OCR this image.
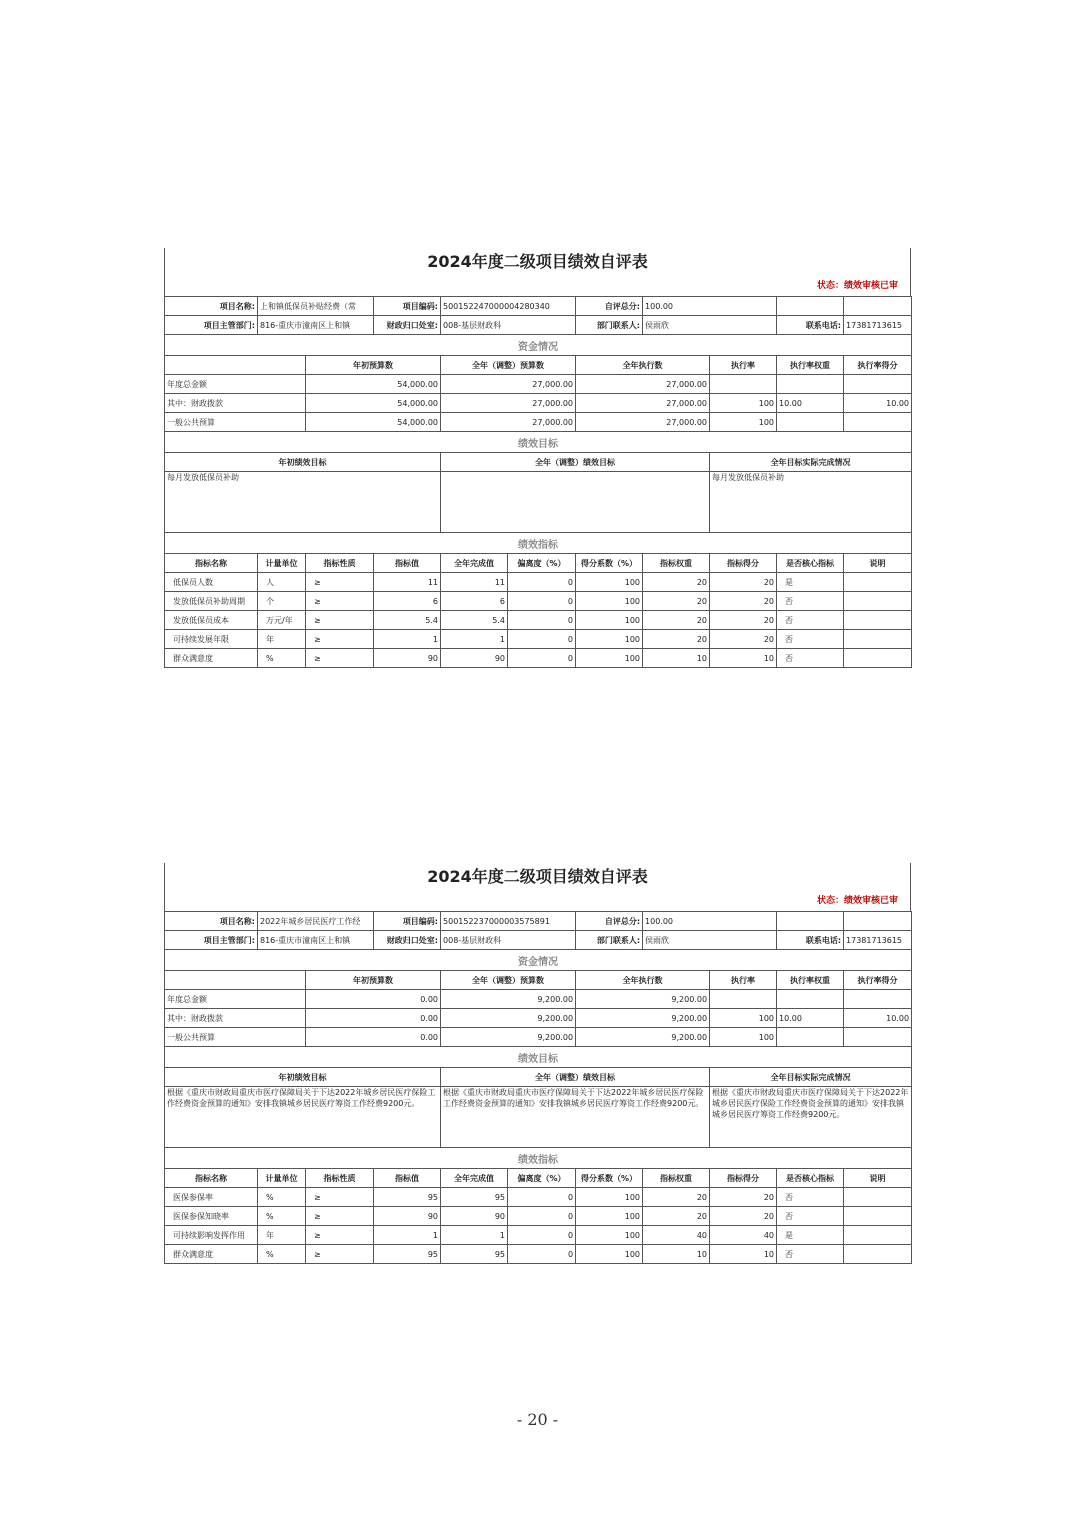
2024年度二级项目绩效自评表
状态：绩效审核已审
项目名称:	上和镇低保员补贴经费（常		项目编码:	500152247000004280340		自评总分:	100.00			
项目主管部门:	816-重庆市潼南区上和镇		财政归口处室:	008-基层财政科		部门联系人:	侯雨欣		联系电话:	17381713615
资金情况										
		年初预算数		全年（调整）预算数		全年执行数		执行率	执行率权重	执行率得分
年度总金额		54,000.00		27,000.00		27,000.00				
其中：财政拨款		54,000.00		27,000.00		27,000.00		100	10.00	10.00
一般公共预算		54,000.00		27,000.00		27,000.00		100		
绩效目标										
年初绩效目标				全年（调整）绩效目标				全年目标实际完成情况		
每月发放低保员补助								每月发放低保员补助		
绩效指标										
指标名称	计量单位	指标性质	指标值	全年完成值	偏离度（%）	得分系数（%）	指标权重	指标得分	是否核心指标	说明
低保员人数	人	≥	11	11	0	100	20	20	是	
发放低保员补助周期	个	≥	6	6	0	100	20	20	否	
发放低保员成本	万元/年	≥	5.4	5.4	0	100	20	20	否	
可持续发展年限	年	≥	1	1	0	100	20	20	否	
群众满意度	%	≥	90	90	0	100	10	10	否	
2024年度二级项目绩效自评表
状态：绩效审核已审
项目名称:	2022年城乡居民医疗工作经		项目编码:	500152237000003575891		自评总分:	100.00			
项目主管部门:	816-重庆市潼南区上和镇		财政归口处室:	008-基层财政科		部门联系人:	侯雨欣		联系电话:	17381713615
资金情况										
		年初预算数		全年（调整）预算数		全年执行数		执行率	执行率权重	执行率得分
年度总金额		0.00		9,200.00		9,200.00				
其中：财政拨款		0.00		9,200.00		9,200.00		100	10.00	10.00
一般公共预算		0.00		9,200.00		9,200.00		100		
绩效目标										
年初绩效目标				全年（调整）绩效目标				全年目标实际完成情况		
根据《重庆市财政局重庆市医疗保障局关于下达2022年城乡居民医疗保险工作经费资金预算的通知》安排我镇城乡居民医疗筹资工作经费9200元。				根据《重庆市财政局重庆市医疗保障局关于下达2022年城乡居民医疗保险工作经费资金预算的通知》安排我镇城乡居民医疗筹资工作经费9200元。				根据《重庆市财政局重庆市医疗保障局关于下达2022年城乡居民医疗保险工作经费资金预算的通知》安排我镇城乡居民医疗筹资工作经费9200元。		
绩效指标										
指标名称	计量单位	指标性质	指标值	全年完成值	偏离度（%）	得分系数（%）	指标权重	指标得分	是否核心指标	说明
医保参保率	%	≥	95	95	0	100	20	20	否	
医保参保知晓率	%	≥	90	90	0	100	20	20	否	
可持续影响发挥作用	年	≥	1	1	0	100	40	40	是	
群众满意度	%	≥	95	95	0	100	10	10	否	
- 20 -
